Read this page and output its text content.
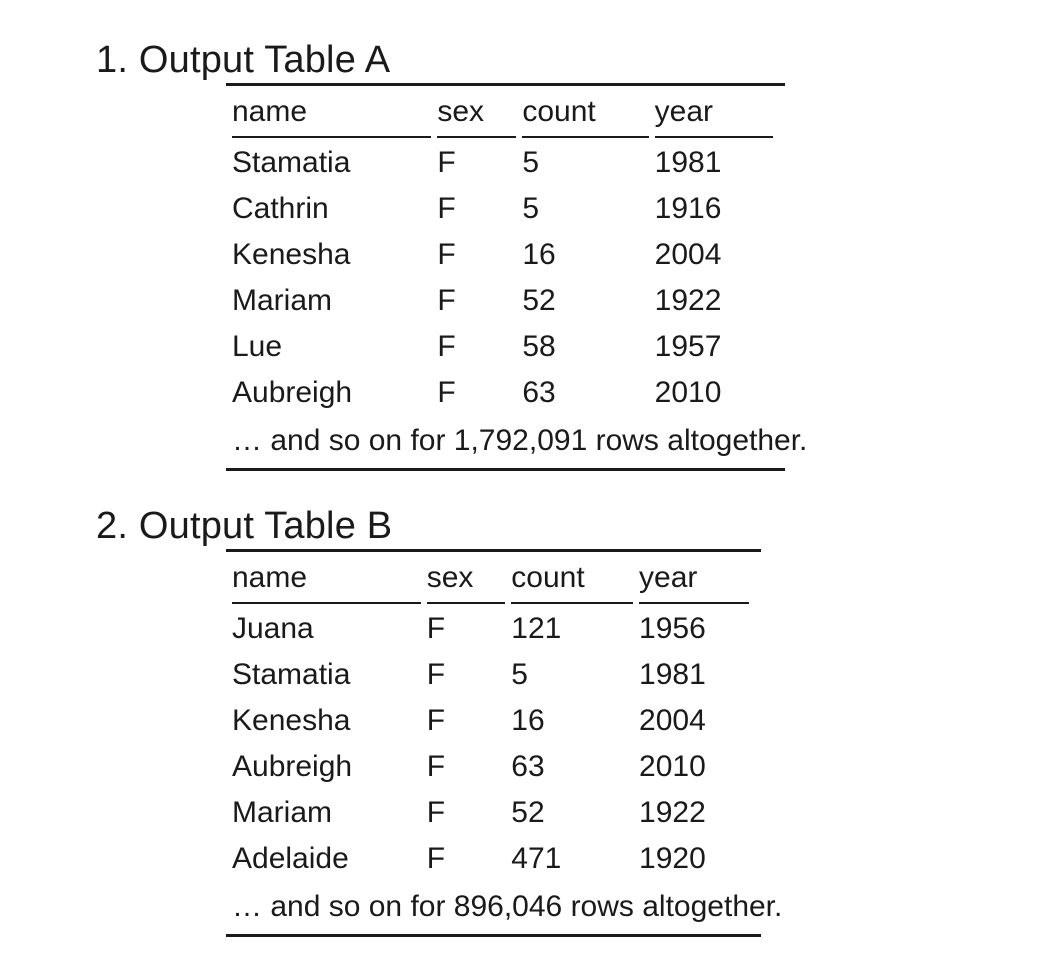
1. Output Table A
name	sex	count	year
Stamatia	F	5	1981
Cathrin	F	5	1916
Kenesha	F	16	2004
Mariam	F	52	1922
Lue	F	58	1957
Aubreigh	F	63	2010
… and so on for 1,792,091 rows altogether.
2. Output Table B
name	sex	count	year
Juana	F	121	1956
Stamatia	F	5	1981
Kenesha	F	16	2004
Aubreigh	F	63	2010
Mariam	F	52	1922
Adelaide	F	471	1920
… and so on for 896,046 rows altogether.
